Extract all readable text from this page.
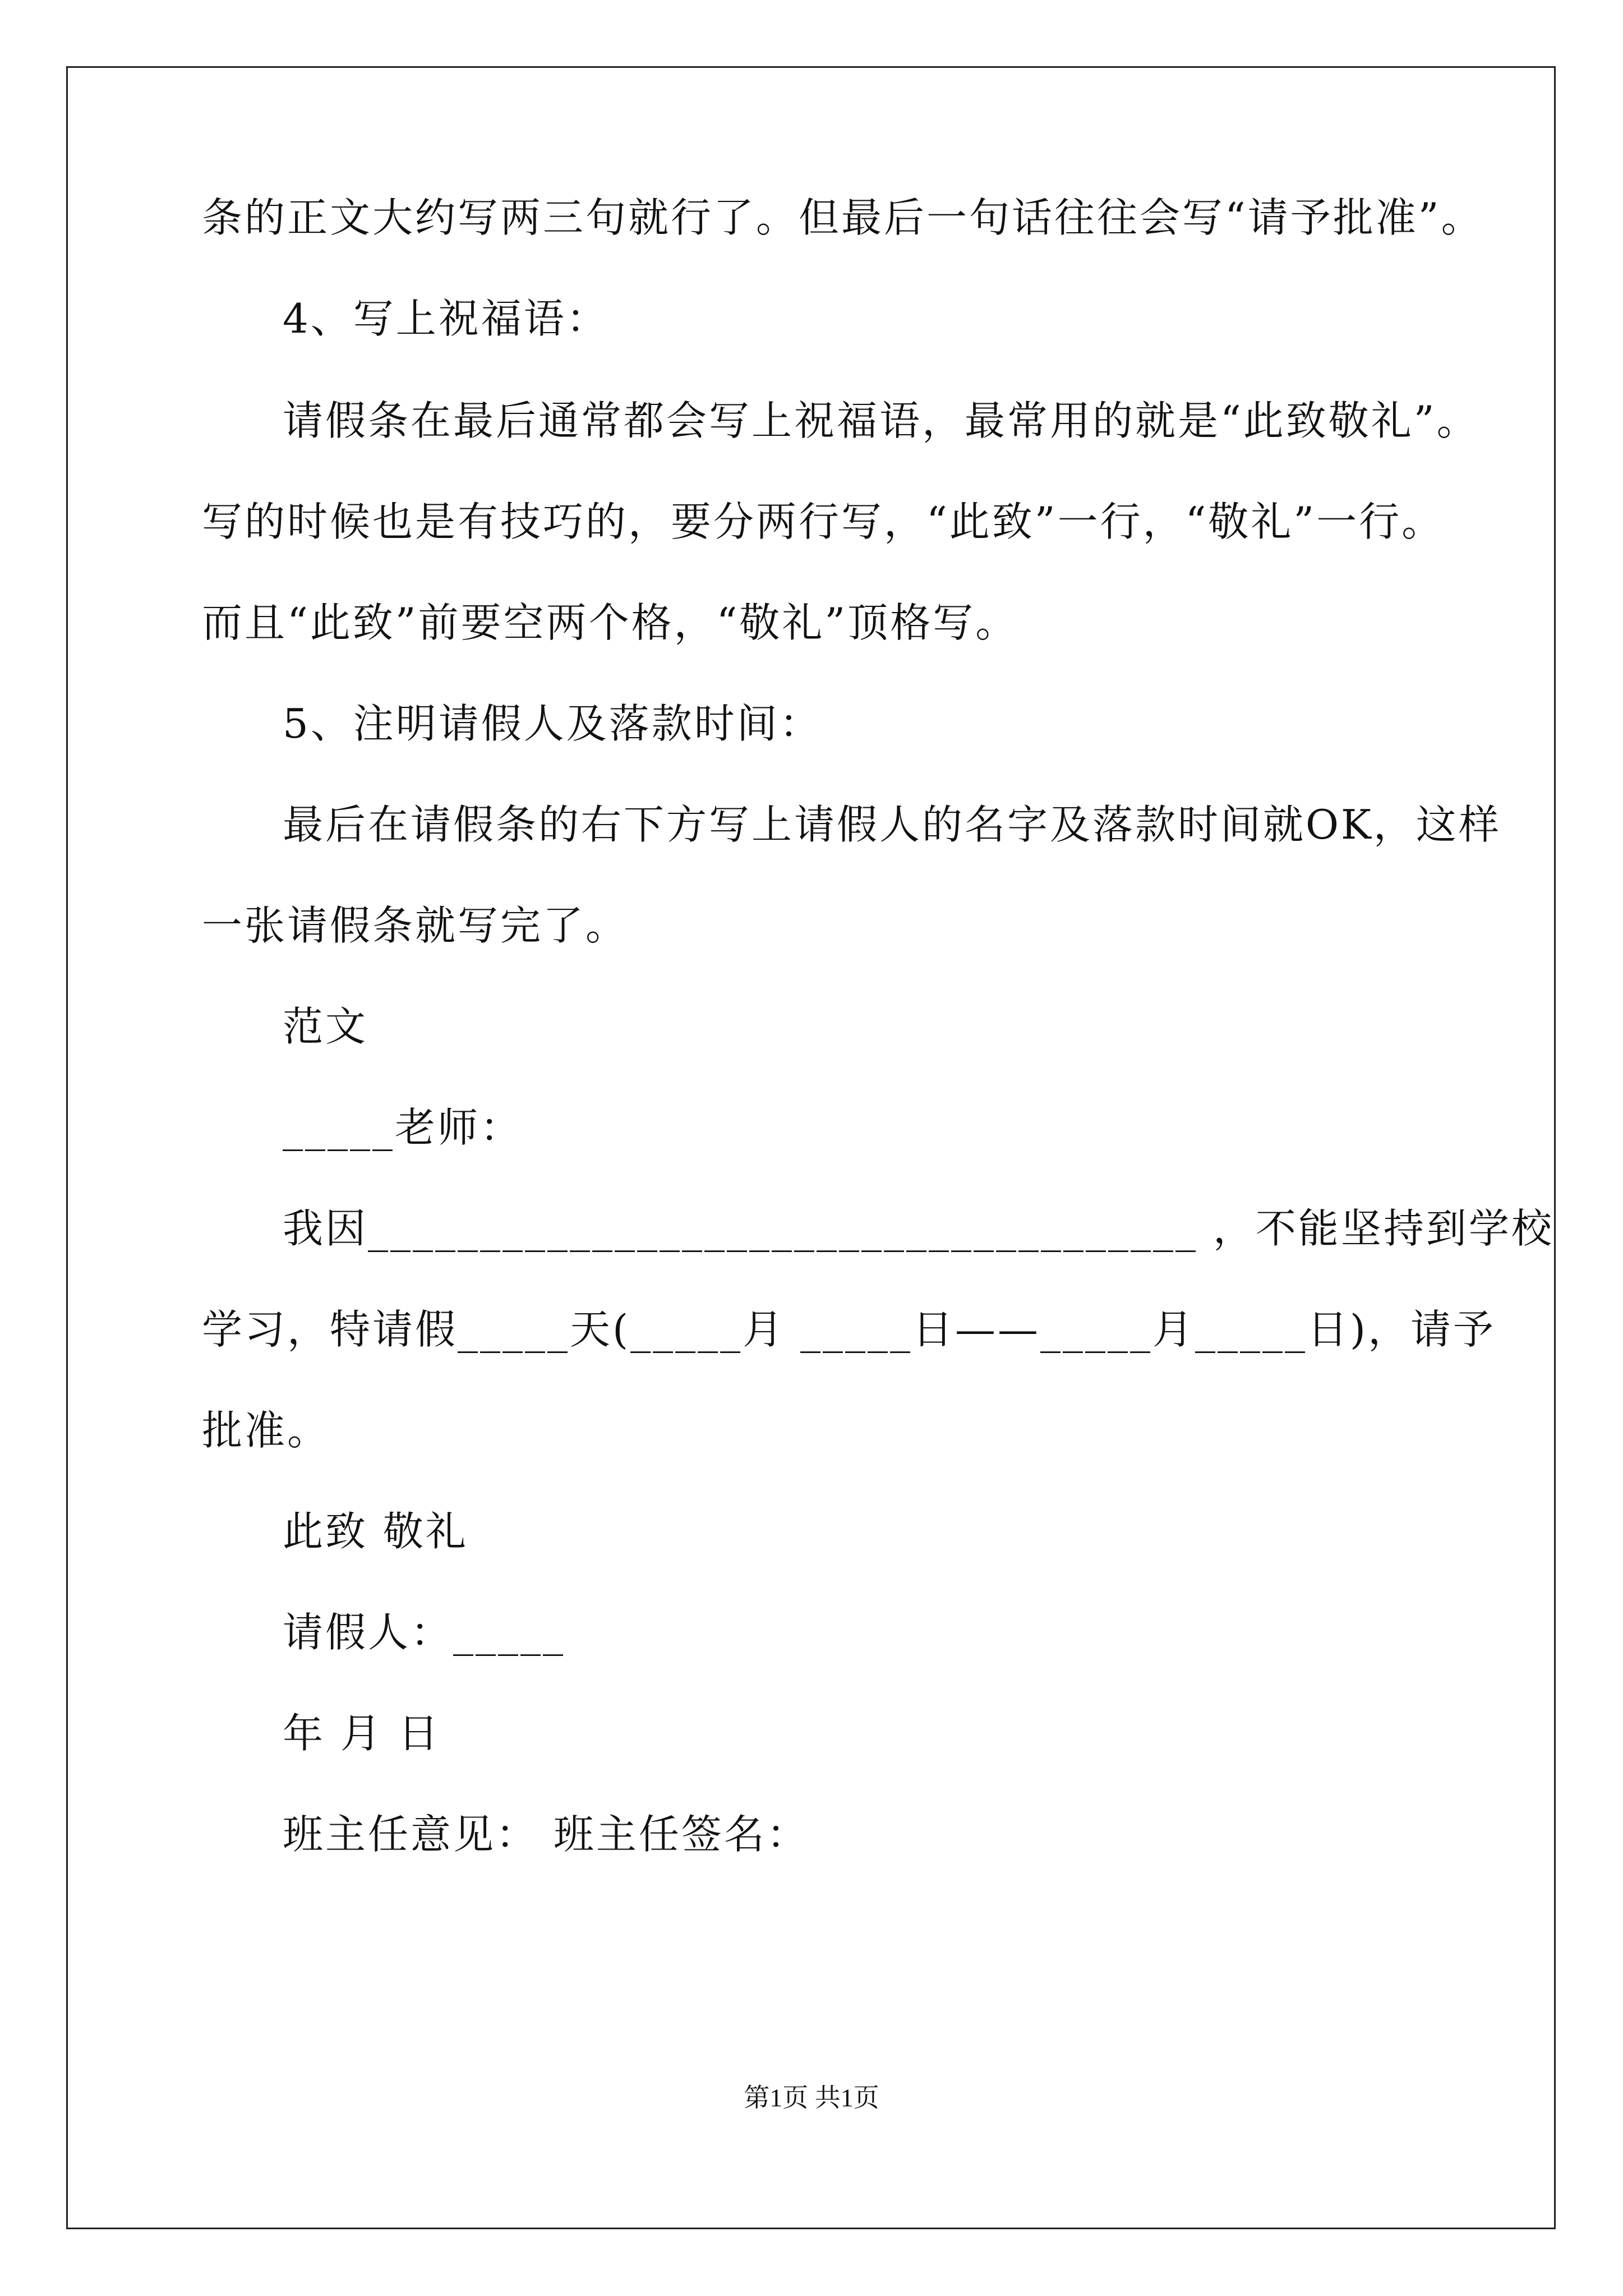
条的正文大约写两三句就行了。但最后一句话往往会写“请予批准”。
4、写上祝福语：
请假条在最后通常都会写上祝福语，最常用的就是“此致敬礼”。
写的时候也是有技巧的，要分两行写，“此致”一行，“敬礼”一行。
而且“此致”前要空两个格，“敬礼”顶格写。
5、注明请假人及落款时间：
最后在请假条的右下方写上请假人的名字及落款时间就OK，这样
一张请假条就写完了。
范文
_____老师：
我因_____________________________________ ，不能坚持到学校
学习，特请假_____天(_____月 _____日——_____月_____日)，请予
批准。
此致 敬礼
请假人：_____
年 月 日
班主任意见： 班主任签名：
第1页 共1页
